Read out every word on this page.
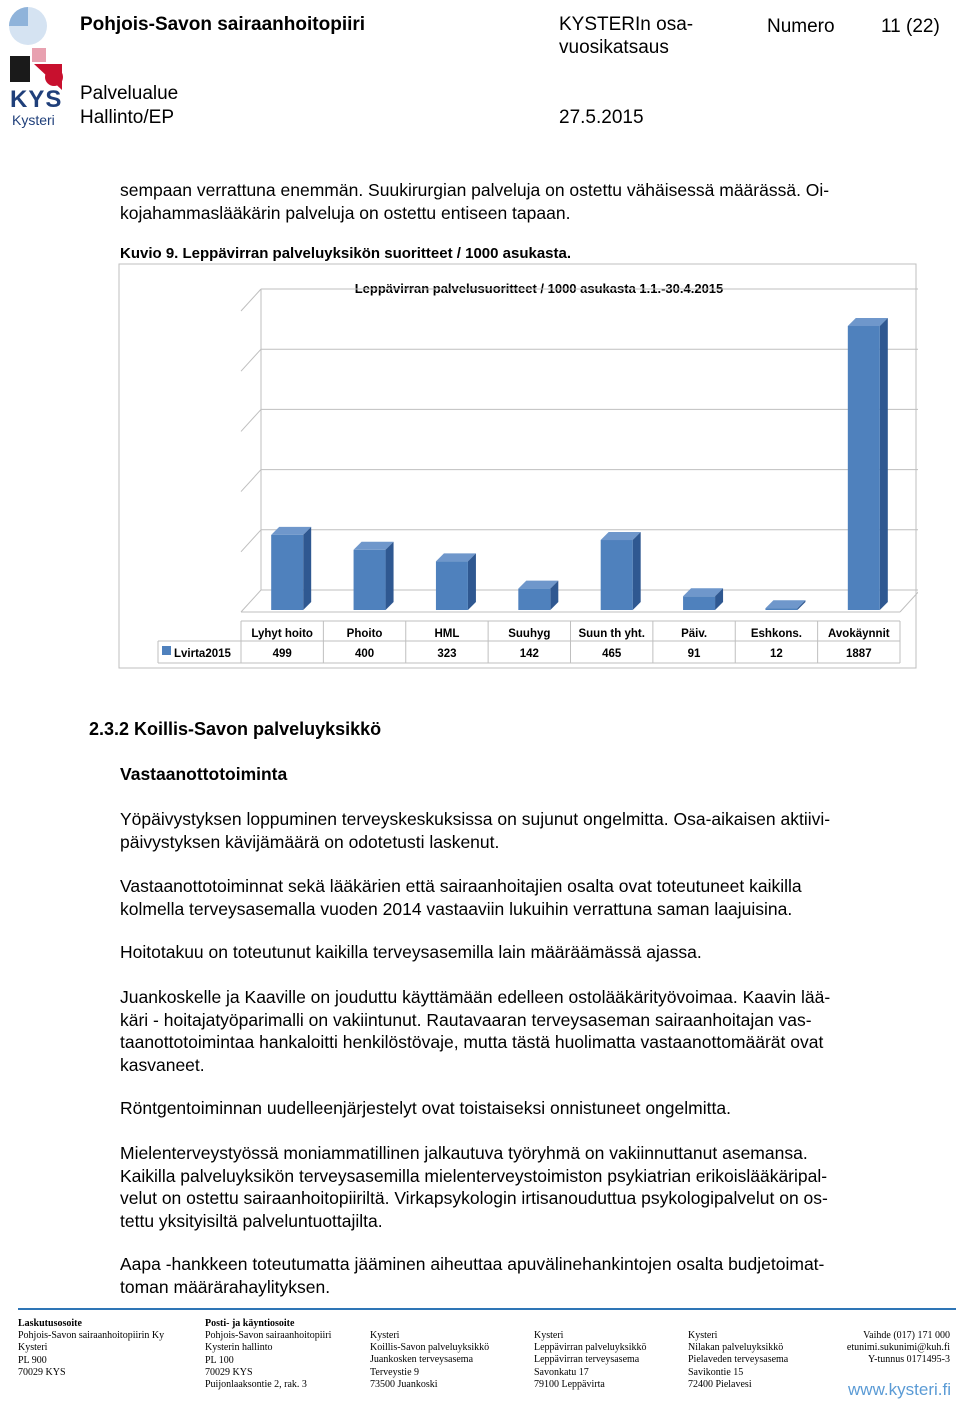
KYS
Kysteri
Pohjois-Savon sairaanhoitopiiri	KYSTERIn osa-
vuosikatsaus
Numero 11 (22)
Palvelualue
Hallinto/EP	27.5.2015
sempaan verrattuna enemmän. Suukirurgian palveluja on ostettu vähäisessä määrässä. Oi-
kojahammaslääkärin palveluja on ostettu entiseen tapaan.
Kuvio 9. Leppävirran palveluyksikön suoritteet / 1000 asukasta.
Leppävirran palvelusuoritteet / 1000 asukasta 1.1.-30.4.2015
Lyhyt hoito
499
Phoito
400
HML
323
Suuhyg
142
Suun th yht.
465
Päiv.
91
Eshkons.
12
Avokäynnit
1887
Lvirta2015
2.3.2 Koillis-Savon palveluyksikkö
Vastaanottotoiminta
Yöpäivystyksen loppuminen terveyskeskuksissa on sujunut ongelmitta. Osa-aikaisen aktiivi-
päivystyksen kävijämäärä on odotetusti laskenut.
Vastaanottotoiminnat sekä lääkärien että sairaanhoitajien osalta ovat toteutuneet kaikilla
kolmella terveysasemalla vuoden 2014 vastaaviin lukuihin verrattuna saman laajuisina.
Hoitotakuu on toteutunut kaikilla terveysasemilla lain määräämässä ajassa.
Juankoskelle ja Kaaville on jouduttu käyttämään edelleen ostolääkärityövoimaa. Kaavin lää-
käri - hoitajatyöparimalli on vakiintunut. Rautavaaran terveysaseman sairaanhoitajan vas-
taanottotoimintaa hankaloitti henkilöstövaje, mutta tästä huolimatta vastaanottomäärät ovat
kasvaneet.
Röntgentoiminnan uudelleenjärjestelyt ovat toistaiseksi onnistuneet ongelmitta.
Mielenterveystyössä moniammatillinen jalkautuva työryhmä on vakiinnuttanut asemansa.
Kaikilla palveluyksikön terveysasemilla mielenterveystoimiston psykiatrian erikoislääkäripal-
velut on ostettu sairaanhoitopiiriltä. Virkapsykologin irtisanouduttua psykologipalvelut on os-
tettu yksityisiltä palveluntuottajilta.
Aapa -hankkeen toteutumatta jääminen aiheuttaa apuvälinehankintojen osalta budjetoimat-
toman määrärahaylityksen.
Laskutusosoite
Pohjois-Savon sairaanhoitopiirin Ky
Kysteri
PL 900
70029 KYS
Posti- ja käyntiosoite
Pohjois-Savon sairaanhoitopiiri
Kysterin hallinto
PL 100
70029 KYS
Puijonlaaksontie 2, rak. 3
Kysteri
Koillis-Savon palveluyksikkö
Juankosken terveysasema
Terveystie 9
73500 Juankoski
Kysteri
Leppävirran palveluyksikkö
Leppävirran terveysasema
Savonkatu 17
79100 Leppävirta
Kysteri
Nilakan palveluyksikkö
Pielaveden terveysasema
Savikontie 15
72400 Pielavesi
Vaihde (017) 171 000
etunimi.sukunimi@kuh.fi
Y-tunnus 0171495-3
www.kysteri.fi
